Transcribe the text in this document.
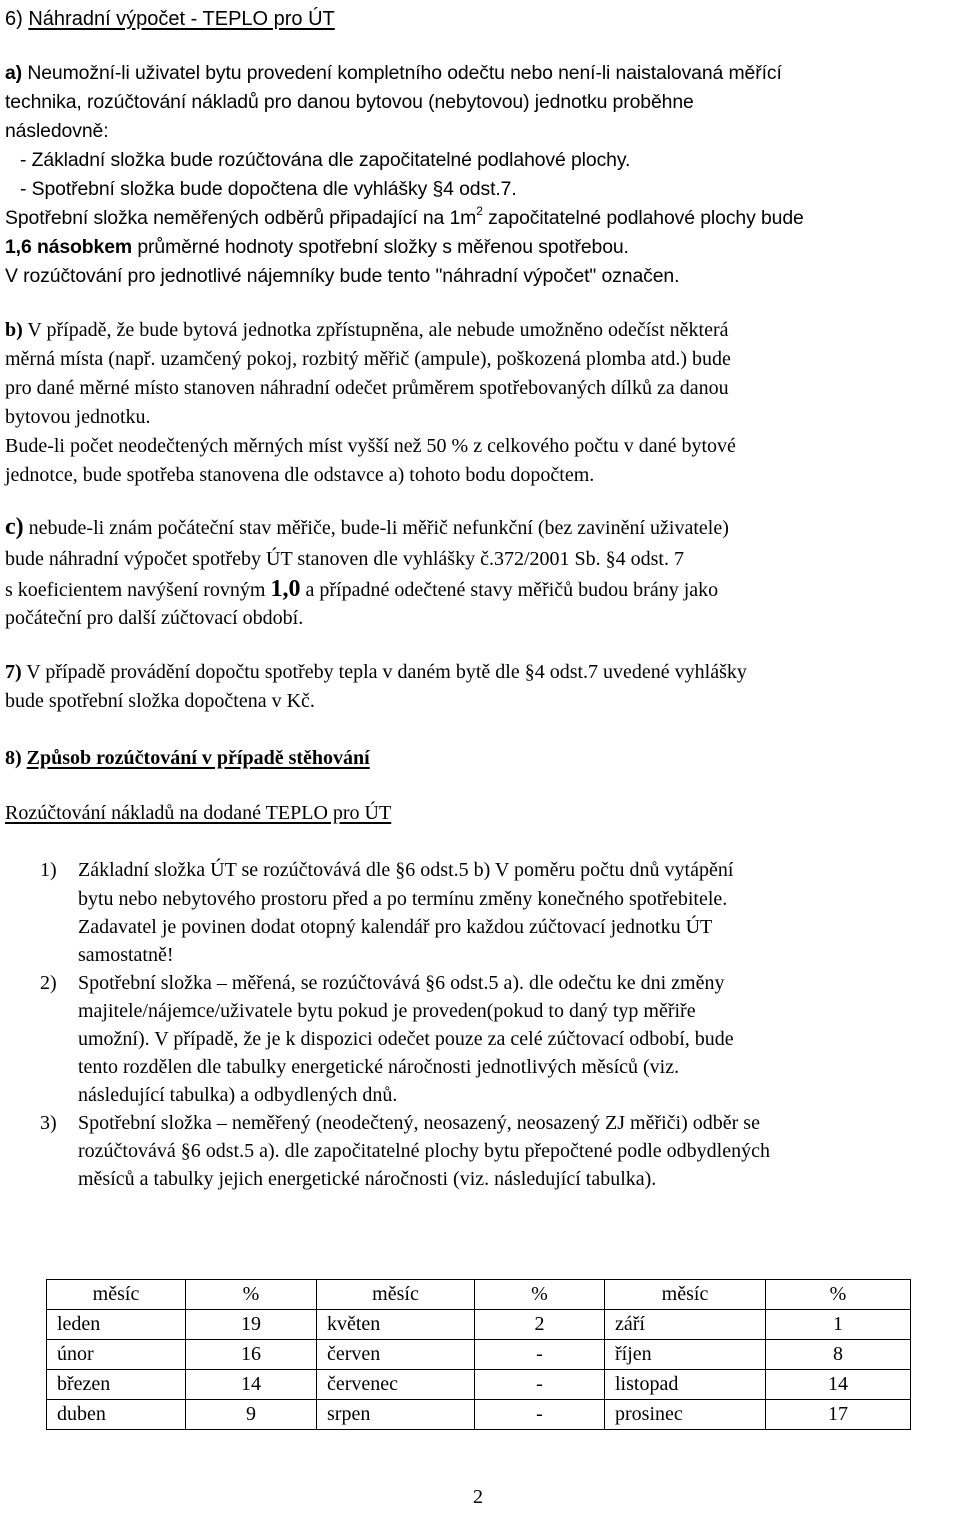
6) Náhradní výpočet - TEPLO pro ÚT
a) Neumožní-li uživatel bytu provedení kompletního odečtu nebo není-li naistalovaná měřící
technika, rozúčtování nákladů pro danou bytovou (nebytovou) jednotku proběhne
následovně:
- Základní složka bude rozúčtována dle započitatelné podlahové plochy.
- Spotřební složka bude dopočtena dle vyhlášky §4 odst.7.
Spotřební složka neměřených odběrů připadající na $1m^2$ započitatelné podlahové plochy bude
1,6 násobkem průměrné hodnoty spotřební složky s měřenou spotřebou.
V rozúčtování pro jednotlivé nájemníky bude tento "náhradní výpočet" označen.
b) V případě, že bude bytová jednotka zpřístupněna, ale nebude umožněno odečíst některá
měrná místa (např. uzamčený pokoj, rozbitý měřič (ampule), poškozená plomba atd.) bude
pro dané měrné místo stanoven náhradní odečet průměrem spotřebovaných dílků za danou
bytovou jednotku.
Bude-li počet neodečtených měrných míst vyšší než 50 % z celkového počtu v dané bytové
jednotce, bude spotřeba stanovena dle odstavce a) tohoto bodu dopočtem.
c) nebude-li znám počáteční stav měřiče, bude-li měřič nefunkční (bez zavinění uživatele)
bude náhradní výpočet spotřeby ÚT stanoven dle vyhlášky č.372/2001 Sb. §4 odst. 7
s koeficientem navýšení rovným 1,0 a případné odečtené stavy měřičů budou brány jako
počáteční pro další zúčtovací období.
7) V případě provádění dopočtu spotřeby tepla v daném bytě dle §4 odst.7 uvedené vyhlášky
bude spotřební složka dopočtena v Kč.
8) Způsob rozúčtování v případě stěhování
Rozúčtování nákladů na dodané TEPLO pro ÚT
1) Základní složka ÚT se rozúčtovává dle §6 odst.5 b) V poměru počtu dnů vytápění
bytu nebo nebytového prostoru před a po termínu změny konečného spotřebitele.
Zadavatel je povinen dodat otopný kalendář pro každou zúčtovací jednotku ÚT
samostatně!
2) Spotřební složka – měřená, se rozúčtovává §6 odst.5 a). dle odečtu ke dni změny
majitele/nájemce/uživatele bytu pokud je proveden(pokud to daný typ měřiře
umožní). V případě, že je k dispozici odečet pouze za celé zúčtovací odbobí, bude
tento rozdělen dle tabulky energetické náročnosti jednotlivých měsíců (viz.
následující tabulka) a odbydlených dnů.
3) Spotřební složka – neměřený (neodečtený, neosazený, neosazený ZJ měřiči) odběr se
rozúčtovává §6 odst.5 a). dle započitatelné plochy bytu přepočtené podle odbydlených
měsíců a tabulky jejich energetické náročnosti (viz. následující tabulka).
měsíc	%	měsíc	%	měsíc	%
leden	19	květen	2	září	1
únor	16	červen	-	říjen	8
březen	14	červenec	-	listopad	14
duben	9	srpen	-	prosinec	17
2
